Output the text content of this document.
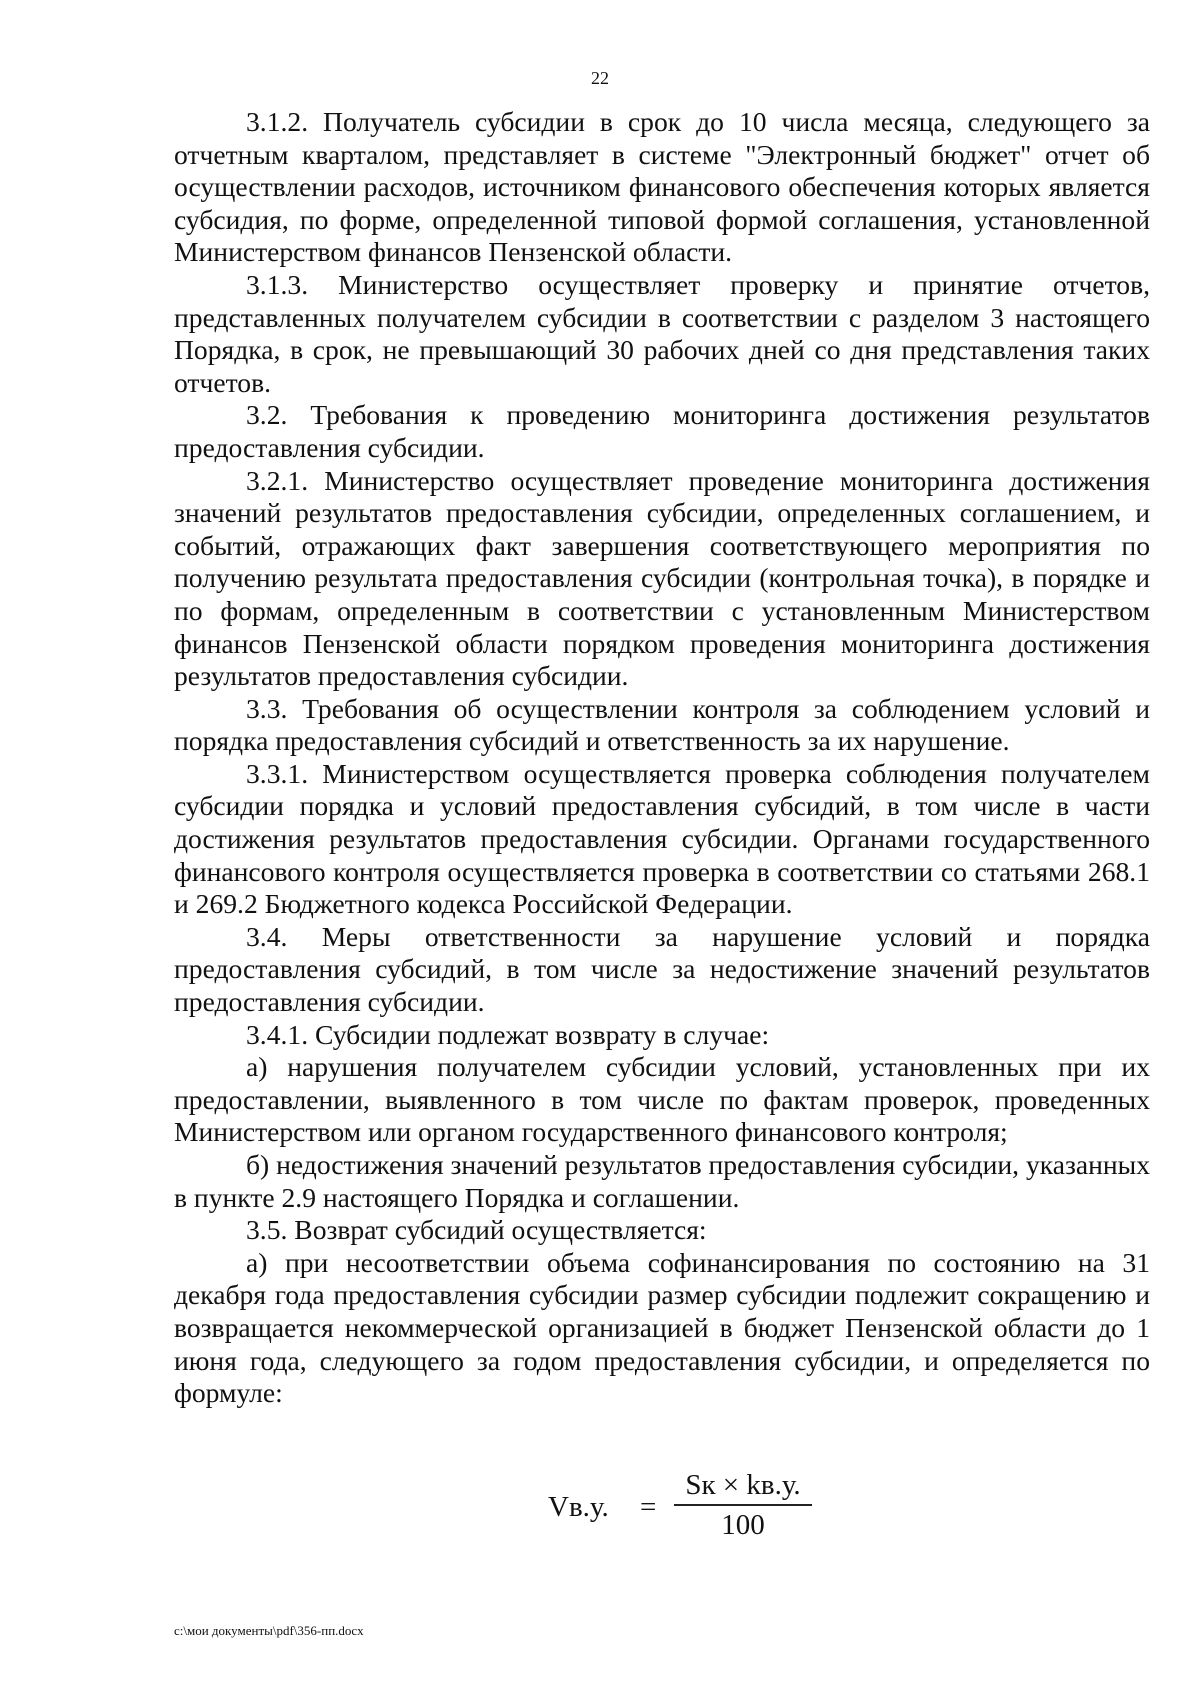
22

3.1.2. Получатель субсидии в срок до 10 числа месяца, следующего за отчетным кварталом, представляет в системе "Электронный бюджет" отчет об осуществлении расходов, источником финансового обеспечения которых является субсидия, по форме, определенной типовой формой соглашения, установленной Министерством финансов Пензенской области.

3.1.3. Министерство осуществляет проверку и принятие отчетов, представленных получателем субсидии в соответствии с разделом 3 настоящего Порядка, в срок, не превышающий 30 рабочих дней со дня представления таких отчетов.

3.2. Требования к проведению мониторинга достижения результатов предоставления субсидии.

3.2.1. Министерство осуществляет проведение мониторинга достижения значений результатов предоставления субсидии, определенных соглашением, и событий, отражающих факт завершения соответствующего мероприятия по получению результата предоставления субсидии (контрольная точка), в порядке и по формам, определенным в соответствии с установленным Министерством финансов Пензенской области порядком проведения мониторинга достижения результатов предоставления субсидии.

3.3. Требования об осуществлении контроля за соблюдением условий и порядка предоставления субсидий и ответственность за их нарушение.

3.3.1. Министерством осуществляется проверка соблюдения получателем субсидии порядка и условий предоставления субсидий, в том числе в части достижения результатов предоставления субсидии. Органами государственного финансового контроля осуществляется проверка в соответствии со статьями 268.1 и 269.2 Бюджетного кодекса Российской Федерации.

3.4. Меры ответственности за нарушение условий и порядка предоставления субсидий, в том числе за недостижение значений результатов предоставления субсидии.

3.4.1. Субсидии подлежат возврату в случае:

а) нарушения получателем субсидии условий, установленных при их предоставлении, выявленного в том числе по фактам проверок, проведенных Министерством или органом государственного финансового контроля;

б) недостижения значений результатов предоставления субсидии, указанных в пункте 2.9 настоящего Порядка и соглашении.

3.5. Возврат субсидий осуществляется:

а) при несоответствии объема софинансирования по состоянию на 31 декабря года предоставления субсидии размер субсидии подлежит сокращению и возвращается некоммерческой организацией в бюджет Пензенской области до 1 июня года, следующего за годом предоставления субсидии, и определяется по формуле:

Vв.у. =
Sк × kв.у.
100
c:\мои документы\pdf\356-пп.docx
